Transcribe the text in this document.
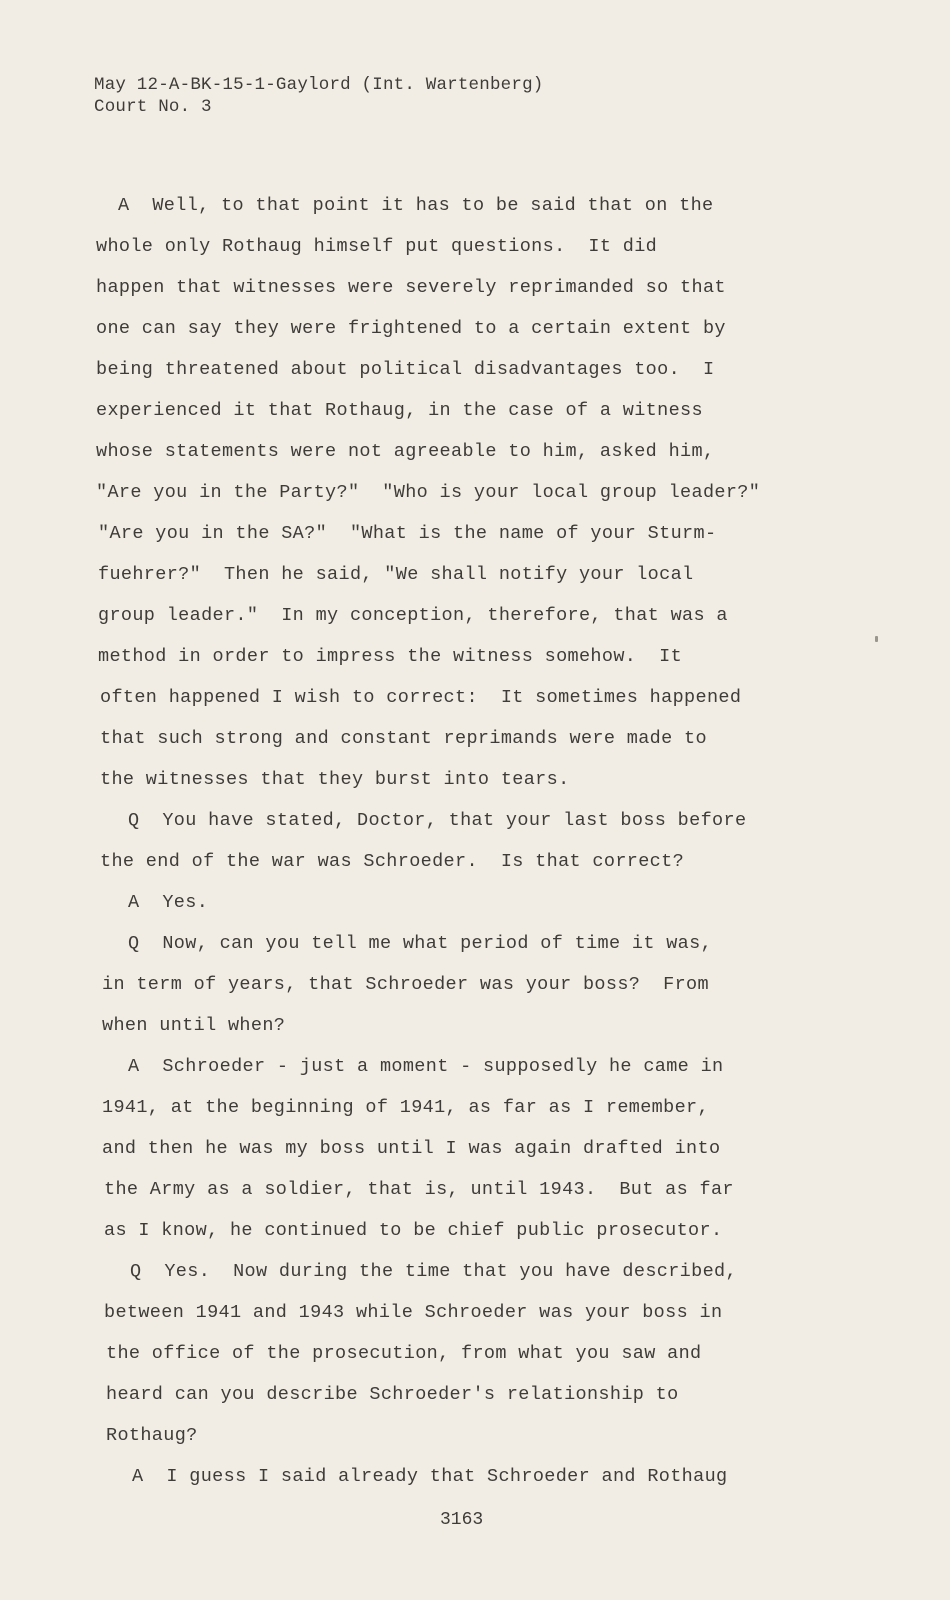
May 12-A-BK-15-1-Gaylord (Int. Wartenberg)
Court No. 3
A  Well, to that point it has to be said that on the
whole only Rothaug himself put questions.  It did
happen that witnesses were severely reprimanded so that
one can say they were frightened to a certain extent by
being threatened about political disadvantages too.  I
experienced it that Rothaug, in the case of a witness
whose statements were not agreeable to him, asked him,
"Are you in the Party?"  "Who is your local group leader?"
"Are you in the SA?"  "What is the name of your Sturm-
fuehrer?"  Then he said, "We shall notify your local
group leader."  In my conception, therefore, that was a
method in order to impress the witness somehow.  It
often happened I wish to correct:  It sometimes happened
that such strong and constant reprimands were made to
the witnesses that they burst into tears.
Q  You have stated, Doctor, that your last boss before
the end of the war was Schroeder.  Is that correct?
A  Yes.
Q  Now, can you tell me what period of time it was,
in term of years, that Schroeder was your boss?  From
when until when?
A  Schroeder - just a moment - supposedly he came in
1941, at the beginning of 1941, as far as I remember,
and then he was my boss until I was again drafted into
the Army as a soldier, that is, until 1943.  But as far
as I know, he continued to be chief public prosecutor.
Q  Yes.  Now during the time that you have described,
between 1941 and 1943 while Schroeder was your boss in
the office of the prosecution, from what you saw and
heard can you describe Schroeder's relationship to
Rothaug?
A  I guess I said already that Schroeder and Rothaug
3163
